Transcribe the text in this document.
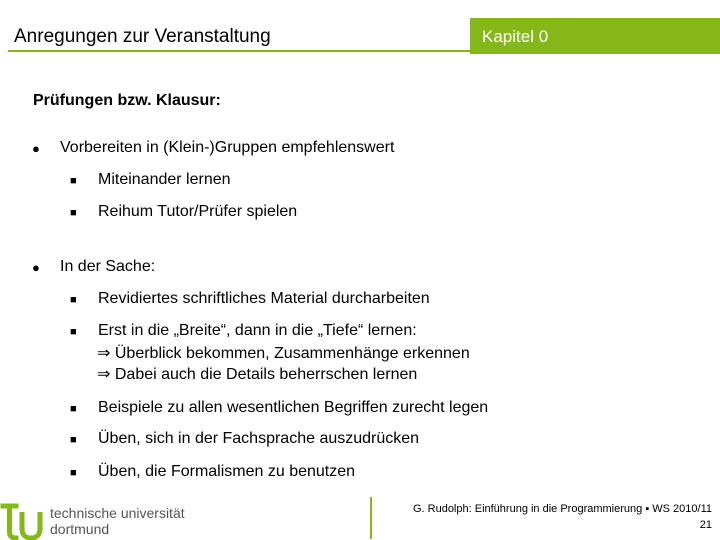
Anregungen zur Veranstaltung	Kapitel 0
Prüfungen bzw. Klausur:
● Vorbereiten in (Klein-)Gruppen empfehlenswert
■ Miteinander lernen
■ Reihum Tutor/Prüfer spielen
● In der Sache:
■ Revidiertes schriftliches Material durcharbeiten
■ Erst in die „Breite“, dann in die „Tiefe“ lernen:
⇒ Überblick bekommen, Zusammenhänge erkennen
⇒ Dabei auch die Details beherrschen lernen
■ Beispiele zu allen wesentlichen Begriffen zurecht legen
■ Üben, sich in der Fachsprache auszudrücken
■ Üben, die Formalismen zu benutzen
technische universität
dortmund
G. Rudolph: Einführung in die Programmierung ▪ WS 2010/11
21
